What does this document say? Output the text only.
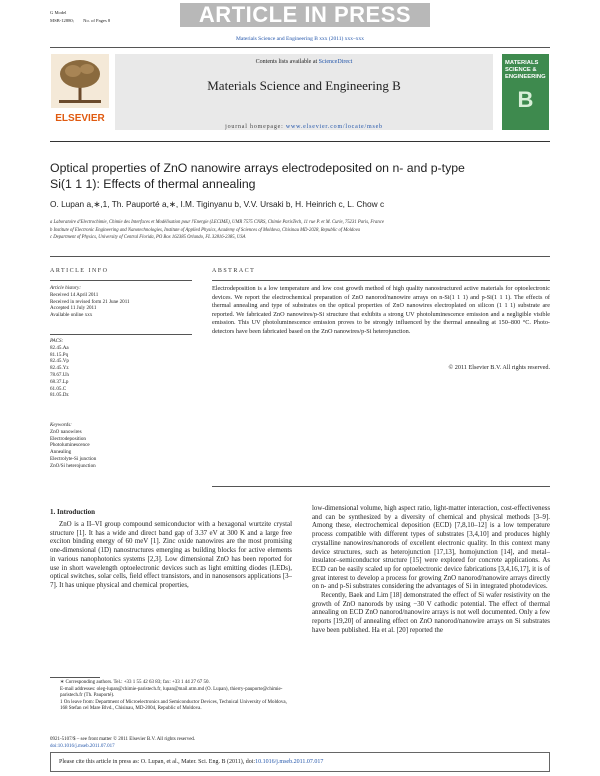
G Model
MSB-12880; No. of Pages 8	ARTICLE IN PRESS
Materials Science and Engineering B xxx (2011) xxx–xxx
ELSEVIER
Contents lists available at ScienceDirect
Materials Science and Engineering B
journal homepage: www.elsevier.com/locate/mseb
MATERIALS
SCIENCE &
ENGINEERING
B
Optical properties of ZnO nanowire arrays electrodeposited on n- and p-type
Si(1 1 1): Effects of thermal annealing
O. Lupan a,∗,1, Th. Pauporté a,∗, I.M. Tiginyanu b, V.V. Ursaki b, H. Heinrich c, L. Chow c
a Laboratoire d'Electrochimie, Chimie des Interfaces et Modélisation pour l'Energie (LECIME), UMR 7575 CNRS, Chimie ParisTech, 11 rue P. et M. Curie, 75231 Paris, France
b Institute of Electronic Engineering and Nanotechnologies, Institute of Applied Physics, Academy of Sciences of Moldova, Chisinau MD-2028, Republic of Moldova
c Department of Physics, University of Central Florida, PO Box 162385 Orlando, FL 32816-2385, USA
ARTICLE INFO
Article history:
Received 14 April 2011
Received in revised form 21 June 2011
Accepted 11 July 2011
Available online xxx
PACS:
82.45.Aa
81.15.Pq
82.45.Vp
82.45.Yz
78.67.Uh
68.37.Lp
61.05.C
81.05.Dz
Keywords:
ZnO nanowires
Electrodeposition
Photoluminescence
Annealing
Electrolyte-Si junction
ZnO/Si heterojunction
ABSTRACT
Electrodeposition is a low temperature and low cost growth method of high quality nanostructured active materials for optoelectronic devices. We report the electrochemical preparation of ZnO nanorod/nanowire arrays on n-Si(1 1 1) and p-Si(1 1 1). The effects of thermal annealing and type of substrates on the optical properties of ZnO nanowires electroplated on silicon (1 1 1) substrate are reported. We fabricated ZnO nanowires/p-Si structure that exhibits a strong UV photoluminescence emission and a negligible visible emission. This UV photoluminescence emission proves to be strongly influenced by the thermal annealing at 150–800 °C. Photo-detectors have been fabricated based on the ZnO nanowires/p-Si heterojunction.
© 2011 Elsevier B.V. All rights reserved.
1. Introduction

ZnO is a II–VI group compound semiconductor with a hexagonal wurtzite crystal structure [1]. It has a wide and direct band gap of 3.37 eV at 300 K and a large free exciton binding energy of 60 meV [1]. Zinc oxide nanowires are the most promising one-dimensional (1D) nanostructures emerging as building blocks for active elements in various nanophotonics systems [2,3]. Low dimensional ZnO has been reported for use in short wavelength optoelectronic devices such as light emitting diodes (LEDs), optical switches, solar cells, field effect transistors, and in nanosensors applications [3–7]. It has unique physical and chemical properties,

low-dimensional volume, high aspect ratio, light-matter interaction, cost-effectiveness and can be synthesized by a diversity of chemical and physical methods [3–9]. Among these, electrochemical deposition (ECD) [7,8,10–12] is a low temperature process compatible with different types of substrates [3,4,10] and produces highly crystalline nanowires/nanorods of excellent electronic quality. In this context many device structures, such as heterojunction [17,13], homojunction [14], and metal–insulator–semiconductor structure [15] were explored for concrete applications. As ECD can be easily scaled up for optoelectronic device fabrications [3,4,16,17], it is of great interest to develop a process for growing ZnO nanorod/nanowire arrays directly on n- and p-Si substrates considering the advantages of Si in integrated photodevices.

Recently, Baek and Lim [18] demonstrated the effect of Si wafer resistivity on the growth of ZnO nanorods by using −30 V cathodic potential. The effect of thermal annealing on ECD ZnO nanorod/nanowire arrays is not well documented. Only a few reports [19,20] of annealing effect on ZnO nanorod/nanowire arrays on Si substrates have been published. Ha et al. [20] reported the

∗ Corresponding authors. Tel.: +33 1 55 42 63 83; fax: +33 1 44 27 67 50.
E-mail addresses: oleg-lupan@chimie-paristech.fr, lupan@mail.utm.md (O. Lupan), thierry-pauporte@chimie-paristech.fr (Th. Pauporté).
1 On leave from: Department of Microelectronics and Semiconductor Devices, Technical University of Moldova, 168 Stefan cel Mare Blvd., Chisinau, MD-2004, Republic of Moldova.
0921-5107/$ – see front matter © 2011 Elsevier B.V. All rights reserved.
doi:10.1016/j.mseb.2011.07.017
Please cite this article in press as: O. Lupan, et al., Mater. Sci. Eng. B (2011), doi:10.1016/j.mseb.2011.07.017
